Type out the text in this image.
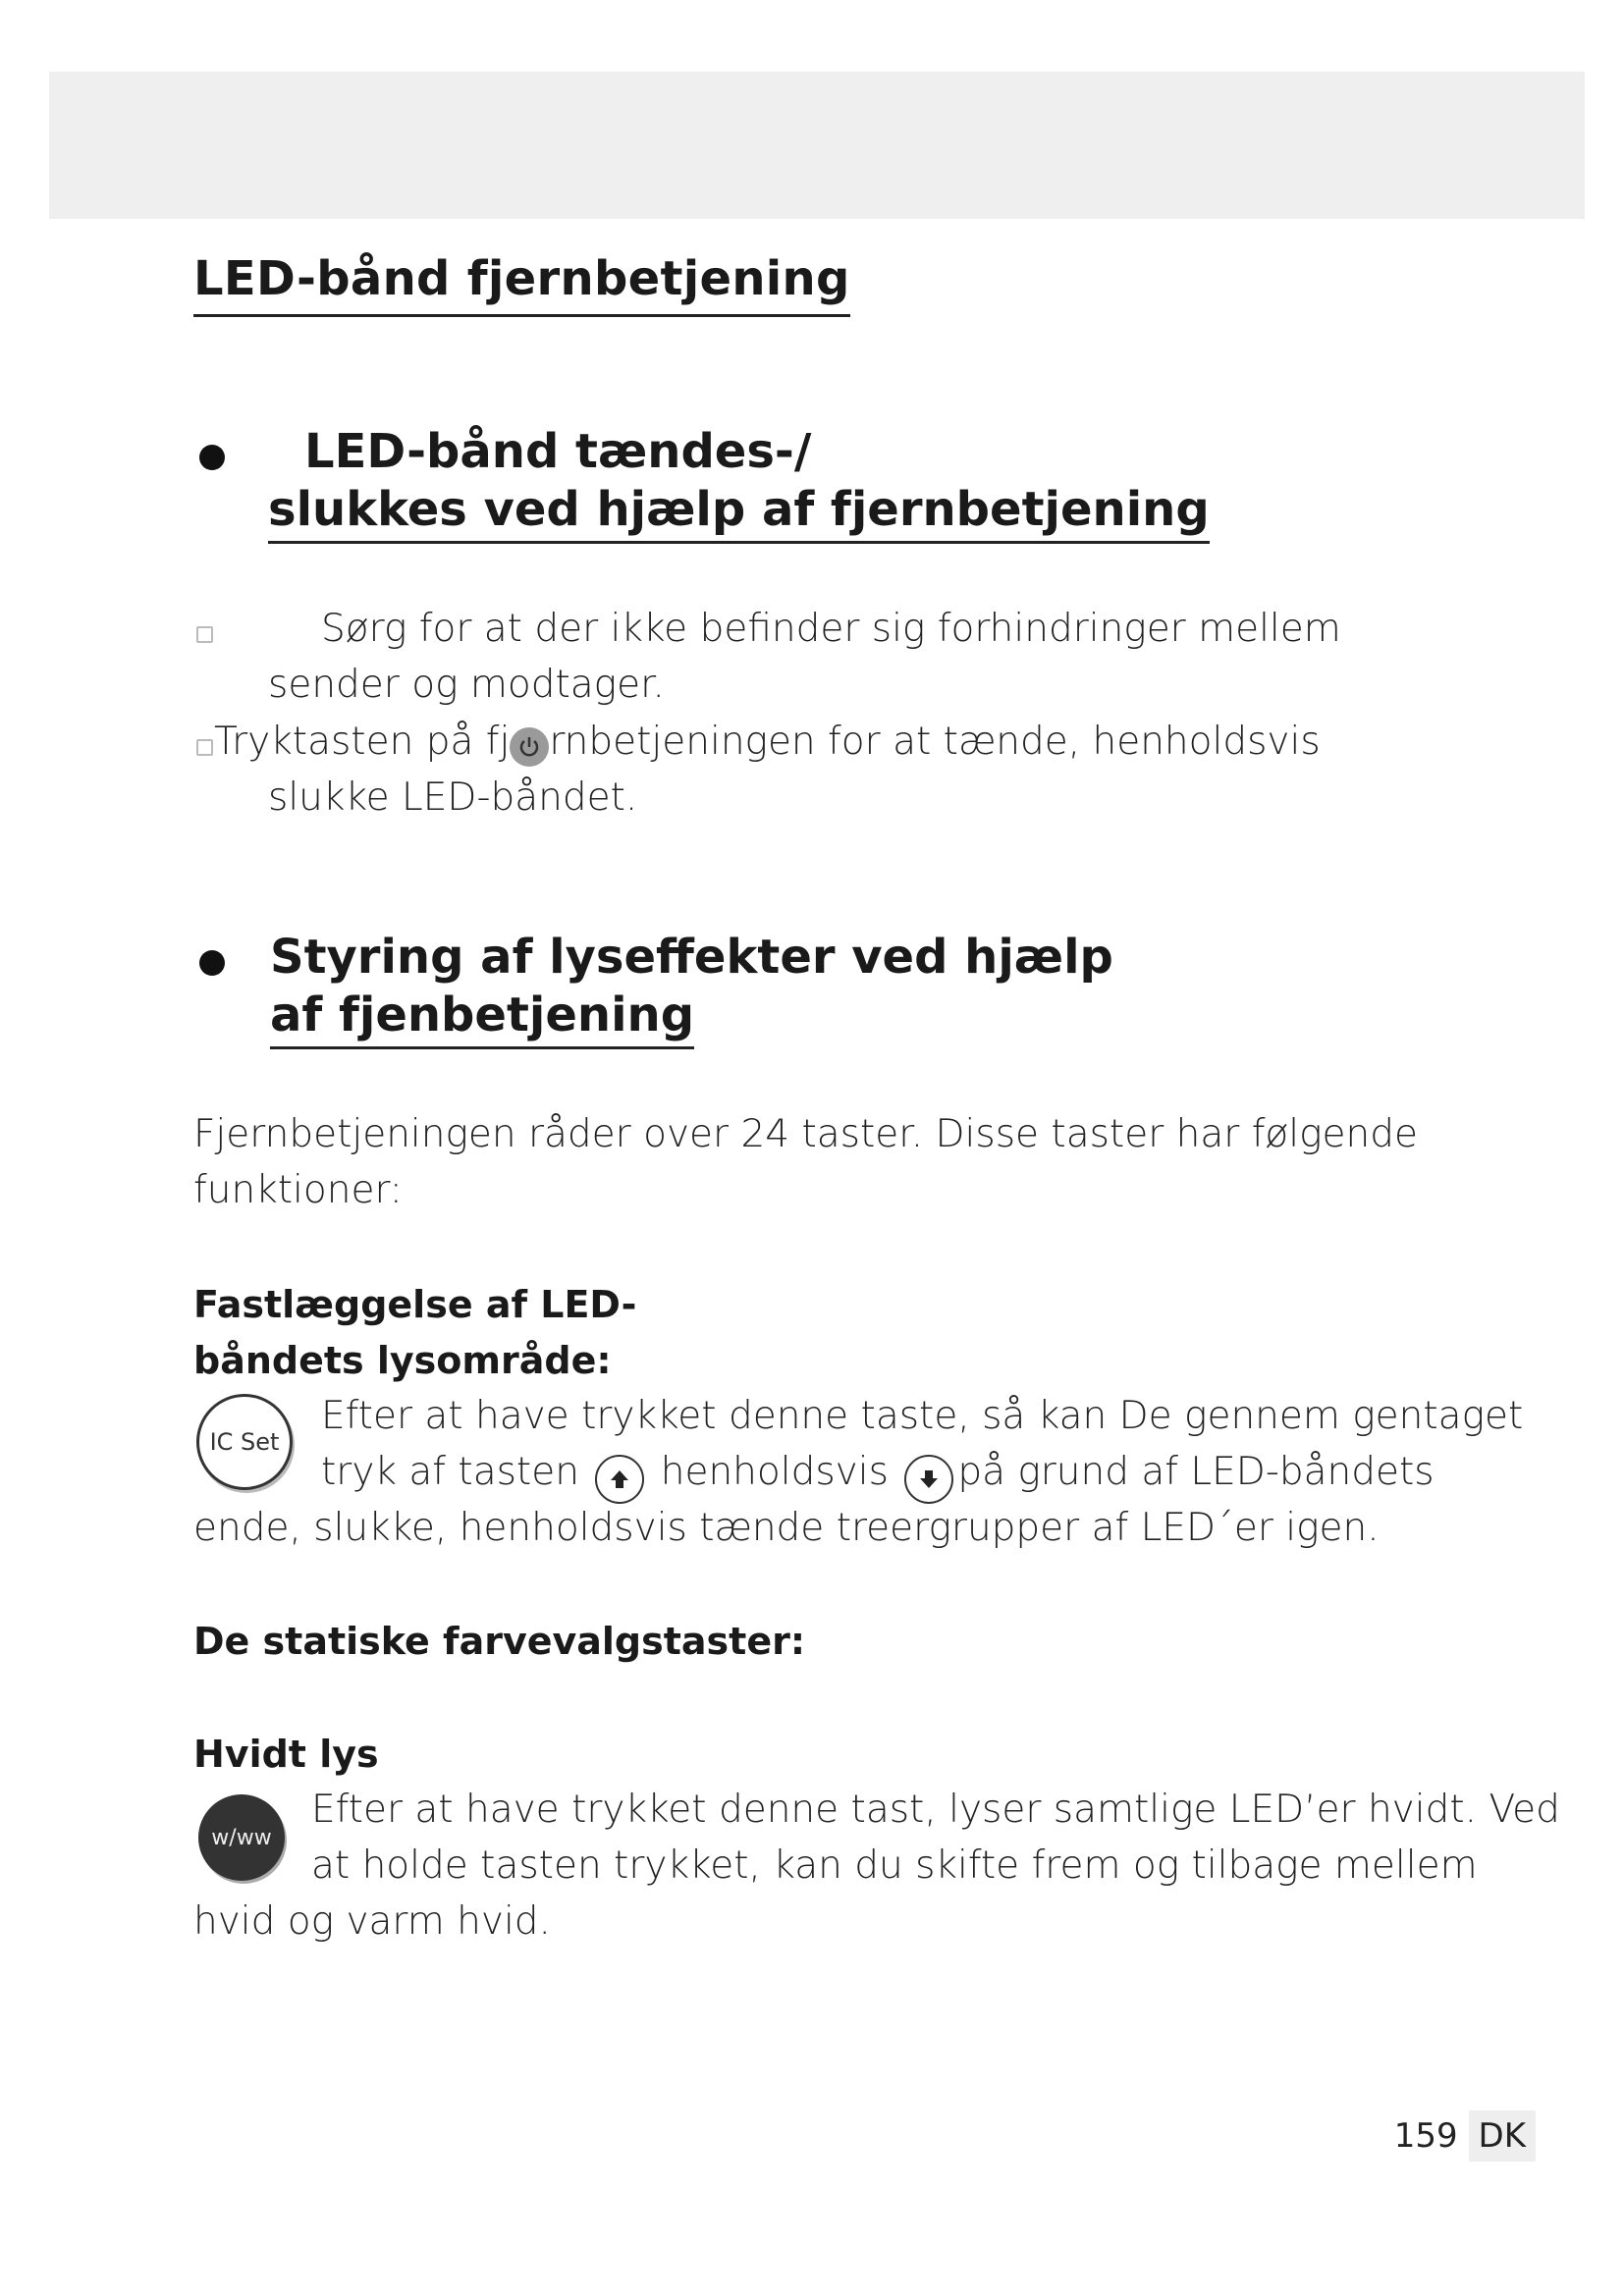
LED-bånd fjernbetjening
LED-bånd tændes-/
slukkes ved hjælp af fjernbetjening
Sørg for at der ikke befinder sig forhindringer mellem
sender og modtager.
Tryktasten på fj rnbetjeningen for at tænde, henholdsvis
slukke LED-båndet.
Styring af lyseffekter ved hjælp
af fjenbetjening
Fjernbetjeningen råder over 24 taster. Disse taster har følgende
funktioner:
Fastlæggelse af LED-
båndets lysområde:
IC Set
Efter at have trykket denne taste, så kan De gennem gentaget
tryk af tasten henholdsvis på grund af LED-båndets
ende, slukke, henholdsvis tænde treergrupper af LED´er igen.
De statiske farvevalgstaster:
Hvidt lys
w/ww
Efter at have trykket denne tast, lyser samtlige LED’er hvidt. Ved
at holde tasten trykket, kan du skifte frem og tilbage mellem
hvid og varm hvid.
159 DK
